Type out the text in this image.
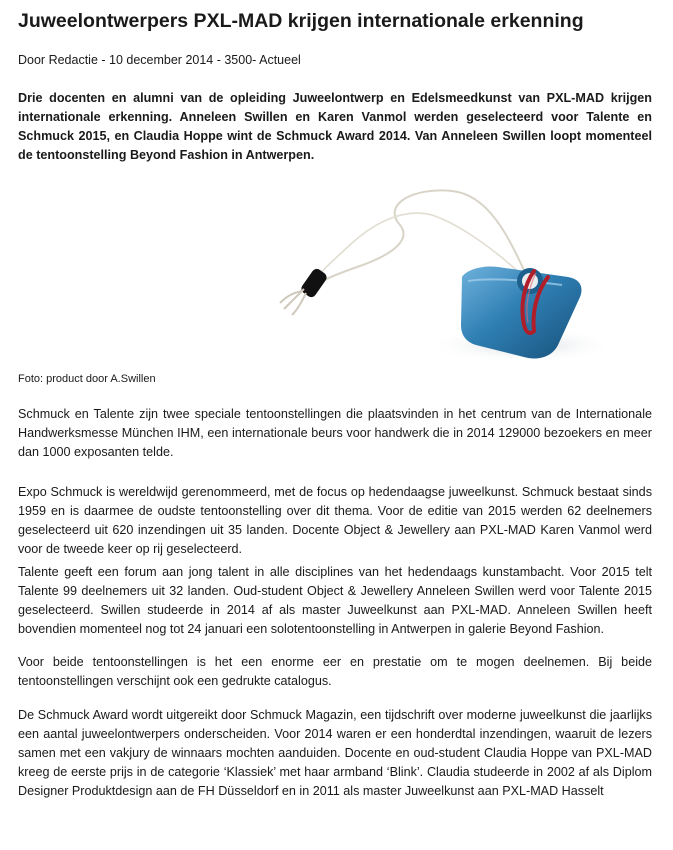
Juweelontwerpers PXL-MAD krijgen internationale erkenning
Door Redactie - 10 december 2014 - 3500- Actueel

Drie docenten en alumni van de opleiding Juweelontwerp en Edelsmeedkunst van PXL-MAD krijgen internationale erkenning. Anneleen Swillen en Karen Vanmol werden geselecteerd voor Talente en Schmuck 2015, en Claudia Hoppe wint de Schmuck Award 2014. Van Anneleen Swillen loopt momenteel de tentoonstelling Beyond Fashion in Antwerpen.

Foto: product door A.Swillen

Schmuck en Talente zijn twee speciale tentoonstellingen die plaatsvinden in het centrum van de Internationale Handwerksmesse München IHM, een internationale beurs voor handwerk die in 2014 129000 bezoekers en meer dan 1000 exposanten telde.

Expo Schmuck is wereldwijd gerenommeerd, met de focus op hedendaagse juweelkunst. Schmuck bestaat sinds 1959 en is daarmee de oudste tentoonstelling over dit thema. Voor de editie van 2015 werden 62 deelnemers geselecteerd uit 620 inzendingen uit 35 landen. Docente Object & Jewellery aan PXL-MAD Karen Vanmol werd voor de tweede keer op rij geselecteerd.

Talente geeft een forum aan jong talent in alle disciplines van het hedendaags kunstambacht. Voor 2015 telt Talente 99 deelnemers uit 32 landen. Oud-student Object & Jewellery Anneleen Swillen werd voor Talente 2015 geselecteerd. Swillen studeerde in 2014 af als master Juweelkunst aan PXL-MAD. Anneleen Swillen heeft bovendien momenteel nog tot 24 januari een solotentoonstelling in Antwerpen in galerie Beyond Fashion.

Voor beide tentoonstellingen is het een enorme eer en prestatie om te mogen deelnemen. Bij beide tentoonstellingen verschijnt ook een gedrukte catalogus.

De Schmuck Award wordt uitgereikt door Schmuck Magazin, een tijdschrift over moderne juweelkunst die jaarlijks een aantal juweelontwerpers onderscheiden. Voor 2014 waren er een honderdtal inzendingen, waaruit de lezers samen met een vakjury de winnaars mochten aanduiden. Docente en oud-student Claudia Hoppe van PXL-MAD kreeg de eerste prijs in de categorie ‘Klassiek’ met haar armband ‘Blink’. Claudia studeerde in 2002 af als Diplom Designer Produktdesign aan de FH Düsseldorf en in 2011 als master Juweelkunst aan PXL-MAD Hasselt
